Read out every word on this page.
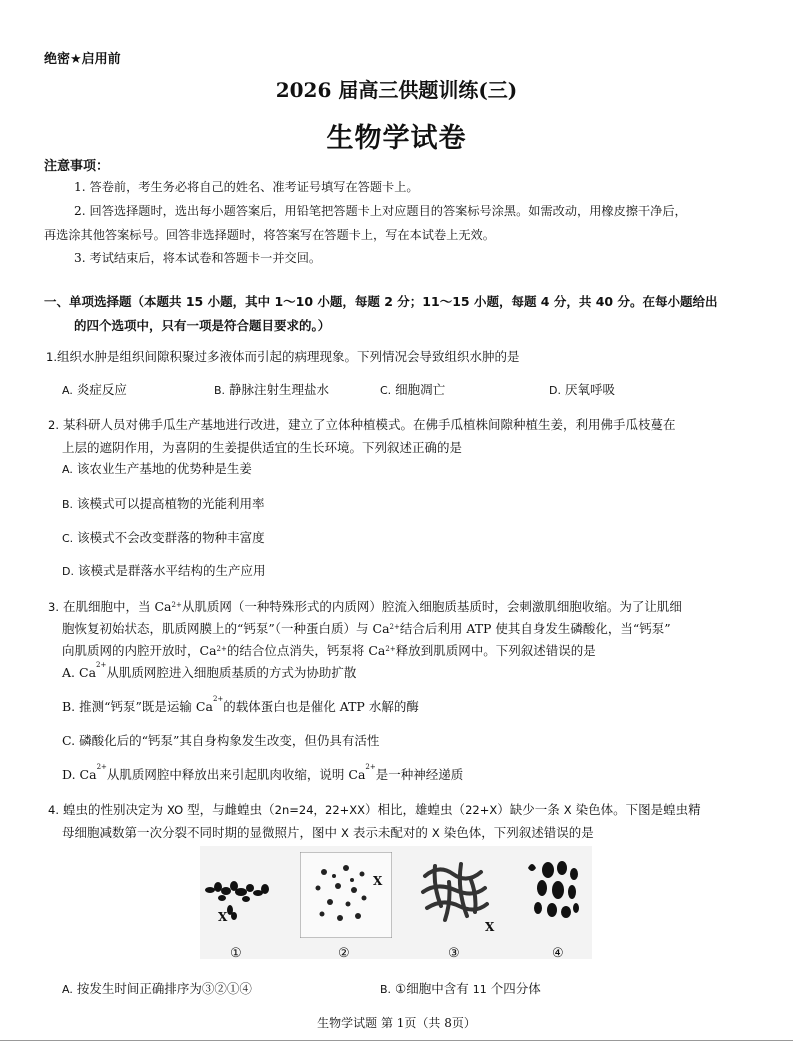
绝密★启用前
2026 届高三供题训练(三)
生物学试卷
注意事项：
1. 答卷前，考生务必将自己的姓名、准考证号填写在答题卡上。
2. 回答选择题时，选出每小题答案后，用铅笔把答题卡上对应题目的答案标号涂黑。如需改动，用橡皮擦干净后，
再选涂其他答案标号。回答非选择题时，将答案写在答题卡上，写在本试卷上无效。
3. 考试结束后，将本试卷和答题卡一并交回。
一、单项选择题（本题共 15 小题，其中 1～10 小题，每题 2 分；11～15 小题，每题 4 分，共 40 分。在每小题给出
的四个选项中，只有一项是符合题目要求的。）
1.组织水肿是组织间隙积聚过多液体而引起的病理现象。下列情况会导致组织水肿的是
A. 炎症反应	B. 静脉注射生理盐水	C. 细胞凋亡	D. 厌氧呼吸
2. 某科研人员对佛手瓜生产基地进行改进，建立了立体种植模式。在佛手瓜植株间隙种植生姜，利用佛手瓜枝蔓在
上层的遮阴作用，为喜阴的生姜提供适宜的生长环境。下列叙述正确的是
A. 该农业生产基地的优势种是生姜
B. 该模式可以提高植物的光能利用率
C. 该模式不会改变群落的物种丰富度
D. 该模式是群落水平结构的生产应用
3. 在肌细胞中，当 $Ca^{2+}$从肌质网（一种特殊形式的内质网）腔流入细胞质基质时，会刺激肌细胞收缩。为了让肌细
胞恢复初始状态，肌质网膜上的“钙泵”（一种蛋白质）与 $Ca^{2+}$结合后利用 ATP 使其自身发生磷酸化，当“钙泵”
向肌质网的内腔开放时，$Ca^{2+}$的结合位点消失，钙泵将 $Ca^{2+}$释放到肌质网中。下列叙述错误的是
A. $Ca^{2+}$从肌质网腔进入细胞质基质的方式为协助扩散
B. 推测“钙泵”既是运输 $Ca^{2+}$的载体蛋白也是催化 ATP 水解的酶
C. 磷酸化后的“钙泵”其自身构象发生改变，但仍具有活性
D. $Ca^{2+}$从肌质网腔中释放出来引起肌肉收缩，说明 $Ca^{2+}$是一种神经递质
4. 蝗虫的性别决定为 XO 型，与雌蝗虫（2n=24，22+XX）相比，雄蝗虫（22+X）缺少一条 X 染色体。下图是蝗虫精
母细胞减数第一次分裂不同时期的显微照片，图中 X 表示未配对的 X 染色体，下列叙述错误的是
X
①
X
②
X
③	④
A. 按发生时间正确排序为③②①④	B. ①细胞中含有 11 个四分体
生物学试题 第 1页（共 8页）
